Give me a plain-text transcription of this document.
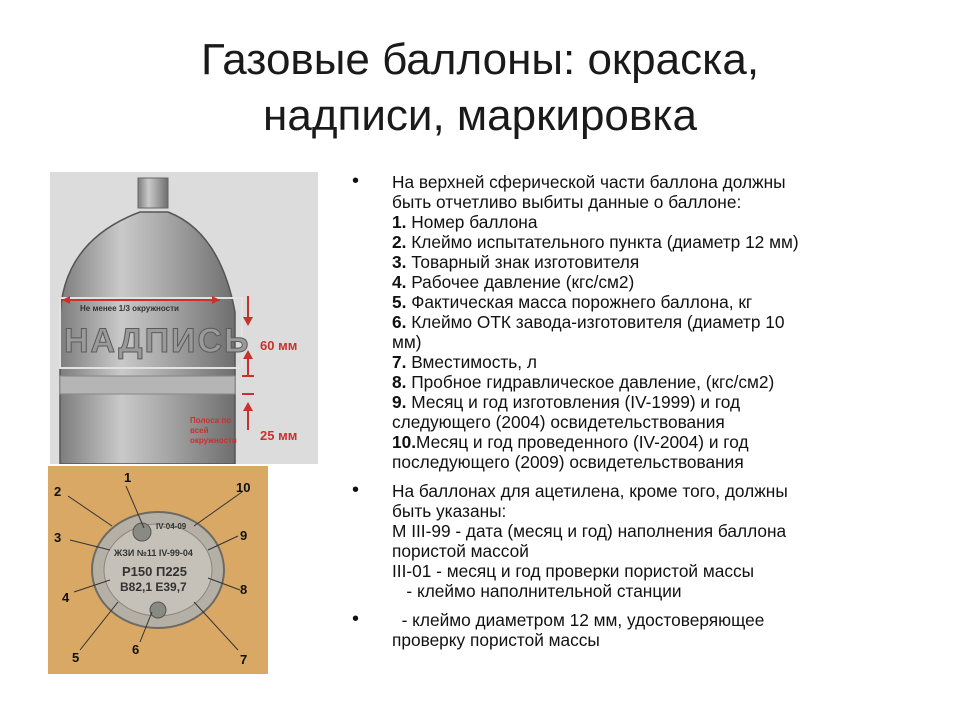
Газовые баллоны: окраска,
надписи, маркировка
Не менее 1/3 окружности
НАДПИСЬ 60 мм
Полоса по всей окружности	25 мм
1
2
3
4
5
6
7
8
9
10
IV-04-09
ЖЗИ №11 IV-99-04
Р150 П225
В82,1 Е39,7
• На верхней сферической части баллона должны
быть отчетливо выбиты данные о баллоне:
1. Номер баллона
2. Клеймо испытательного пункта (диаметр 12 мм)
3. Товарный знак изготовителя
4. Рабочее давление (кгс/см2)
5. Фактическая масса порожнего баллона, кг
6. Клеймо ОТК завода-изготовителя (диаметр 10
мм)
7. Вместимость, л
8. Пробное гидравлическое давление, (кгс/см2)
9. Месяц и год изготовления (IV-1999) и год
следующего (2004) освидетельствования
10.Месяц и год проведенного (IV-2004) и год
последующего (2009) освидетельствования
• На баллонах для ацетилена, кроме того, должны
быть указаны:
М III-99 - дата (месяц и год) наполнения баллона
пористой массой
III-01 - месяц и год проверки пористой массы
- клеймо наполнительной станции
• - клеймо диаметром 12 мм, удостоверяющее
проверку пористой массы
